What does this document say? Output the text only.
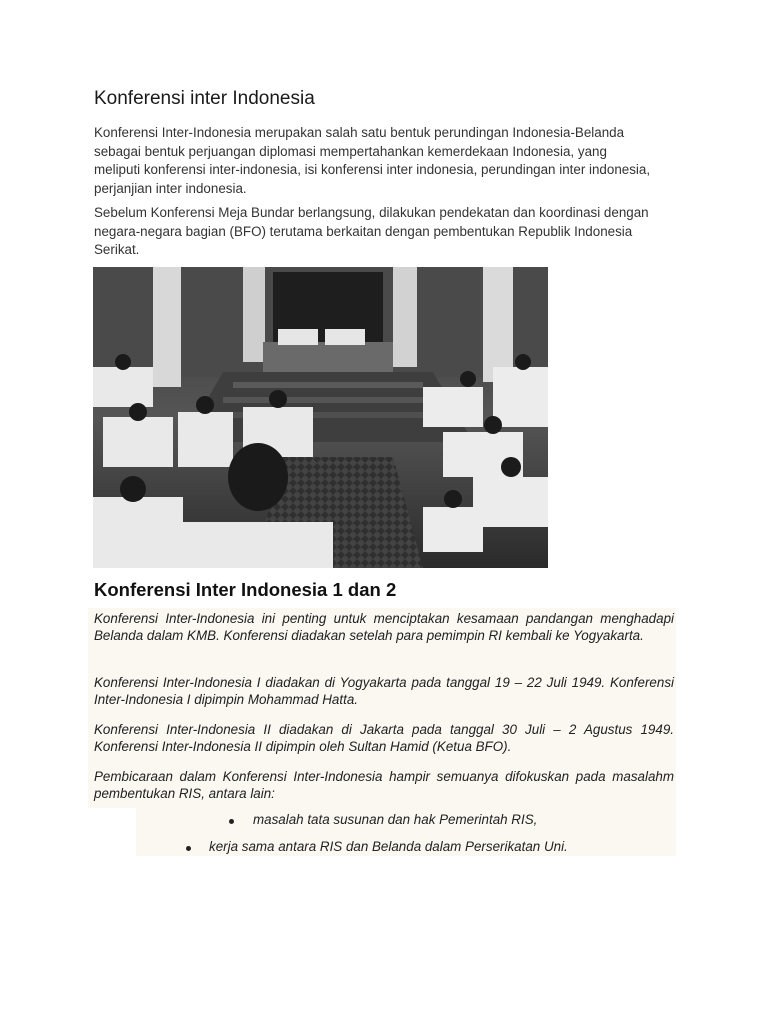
Konferensi inter Indonesia

Konferensi Inter-Indonesia merupakan salah satu bentuk perundingan Indonesia-Belanda sebagai bentuk perjuangan diplomasi mempertahankan kemerdekaan Indonesia, yang meliputi konferensi inter-indonesia, isi konferensi inter indonesia, perundingan inter indonesia, perjanjian inter indonesia.

Sebelum Konferensi Meja Bundar berlangsung, dilakukan pendekatan dan koordinasi dengan negara-negara bagian (BFO) terutama berkaitan dengan pembentukan Republik Indonesia Serikat.

Konferensi Inter Indonesia 1 dan 2

Konferensi Inter-Indonesia ini penting untuk menciptakan kesamaan pandangan menghadapi Belanda dalam KMB. Konferensi diadakan setelah para pemimpin RI kembali ke Yogyakarta.

Konferensi Inter-Indonesia I diadakan di Yogyakarta pada tanggal 19 – 22 Juli 1949. Konferensi Inter-Indonesia I dipimpin Mohammad Hatta.

Konferensi Inter-Indonesia II diadakan di Jakarta pada tanggal 30 Juli – 2 Agustus 1949. Konferensi Inter-Indonesia II dipimpin oleh Sultan Hamid (Ketua BFO).

Pembicaraan dalam Konferensi Inter-Indonesia hampir semuanya difokuskan pada masalahm pembentukan RIS, antara lain:

masalah tata susunan dan hak Pemerintah RIS,
kerja sama antara RIS dan Belanda dalam Perserikatan Uni.
